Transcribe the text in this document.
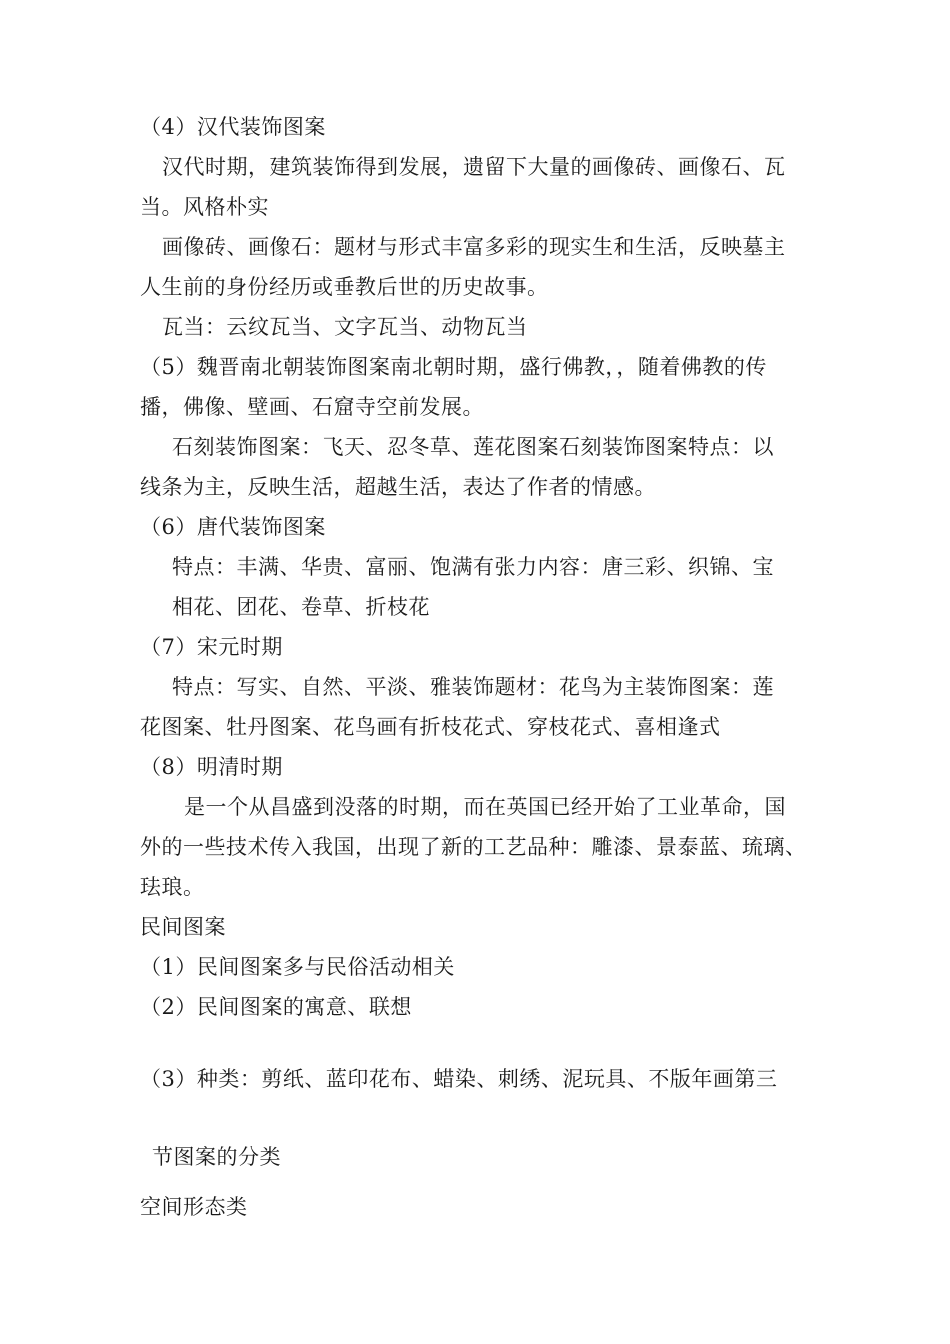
（4）汉代装饰图案
汉代时期，建筑装饰得到发展，遗留下大量的画像砖、画像石、瓦
当。风格朴实
画像砖、画像石：题材与形式丰富多彩的现实生和生活，反映墓主
人生前的身份经历或垂教后世的历史故事。
瓦当：云纹瓦当、文字瓦当、动物瓦当
（5）魏晋南北朝装饰图案南北朝时期，盛行佛教，，随着佛教的传
播，佛像、壁画、石窟寺空前发展。
石刻装饰图案：飞天、忍冬草、莲花图案石刻装饰图案特点：以
线条为主，反映生活，超越生活，表达了作者的情感。
（6）唐代装饰图案
特点：丰满、华贵、富丽、饱满有张力内容：唐三彩、织锦、宝
相花、团花、卷草、折枝花
（7）宋元时期
特点：写实、自然、平淡、雅装饰题材：花鸟为主装饰图案：莲
花图案、牡丹图案、花鸟画有折枝花式、穿枝花式、喜相逢式
（8）明清时期
是一个从昌盛到没落的时期，而在英国已经开始了工业革命，国
外的一些技术传入我国，出现了新的工艺品种：雕漆、景泰蓝、琉璃、
珐琅。
民间图案
（1）民间图案多与民俗活动相关
（2）民间图案的寓意、联想
（3）种类：剪纸、蓝印花布、蜡染、刺绣、泥玩具、不版年画第三
节图案的分类
空间形态类
